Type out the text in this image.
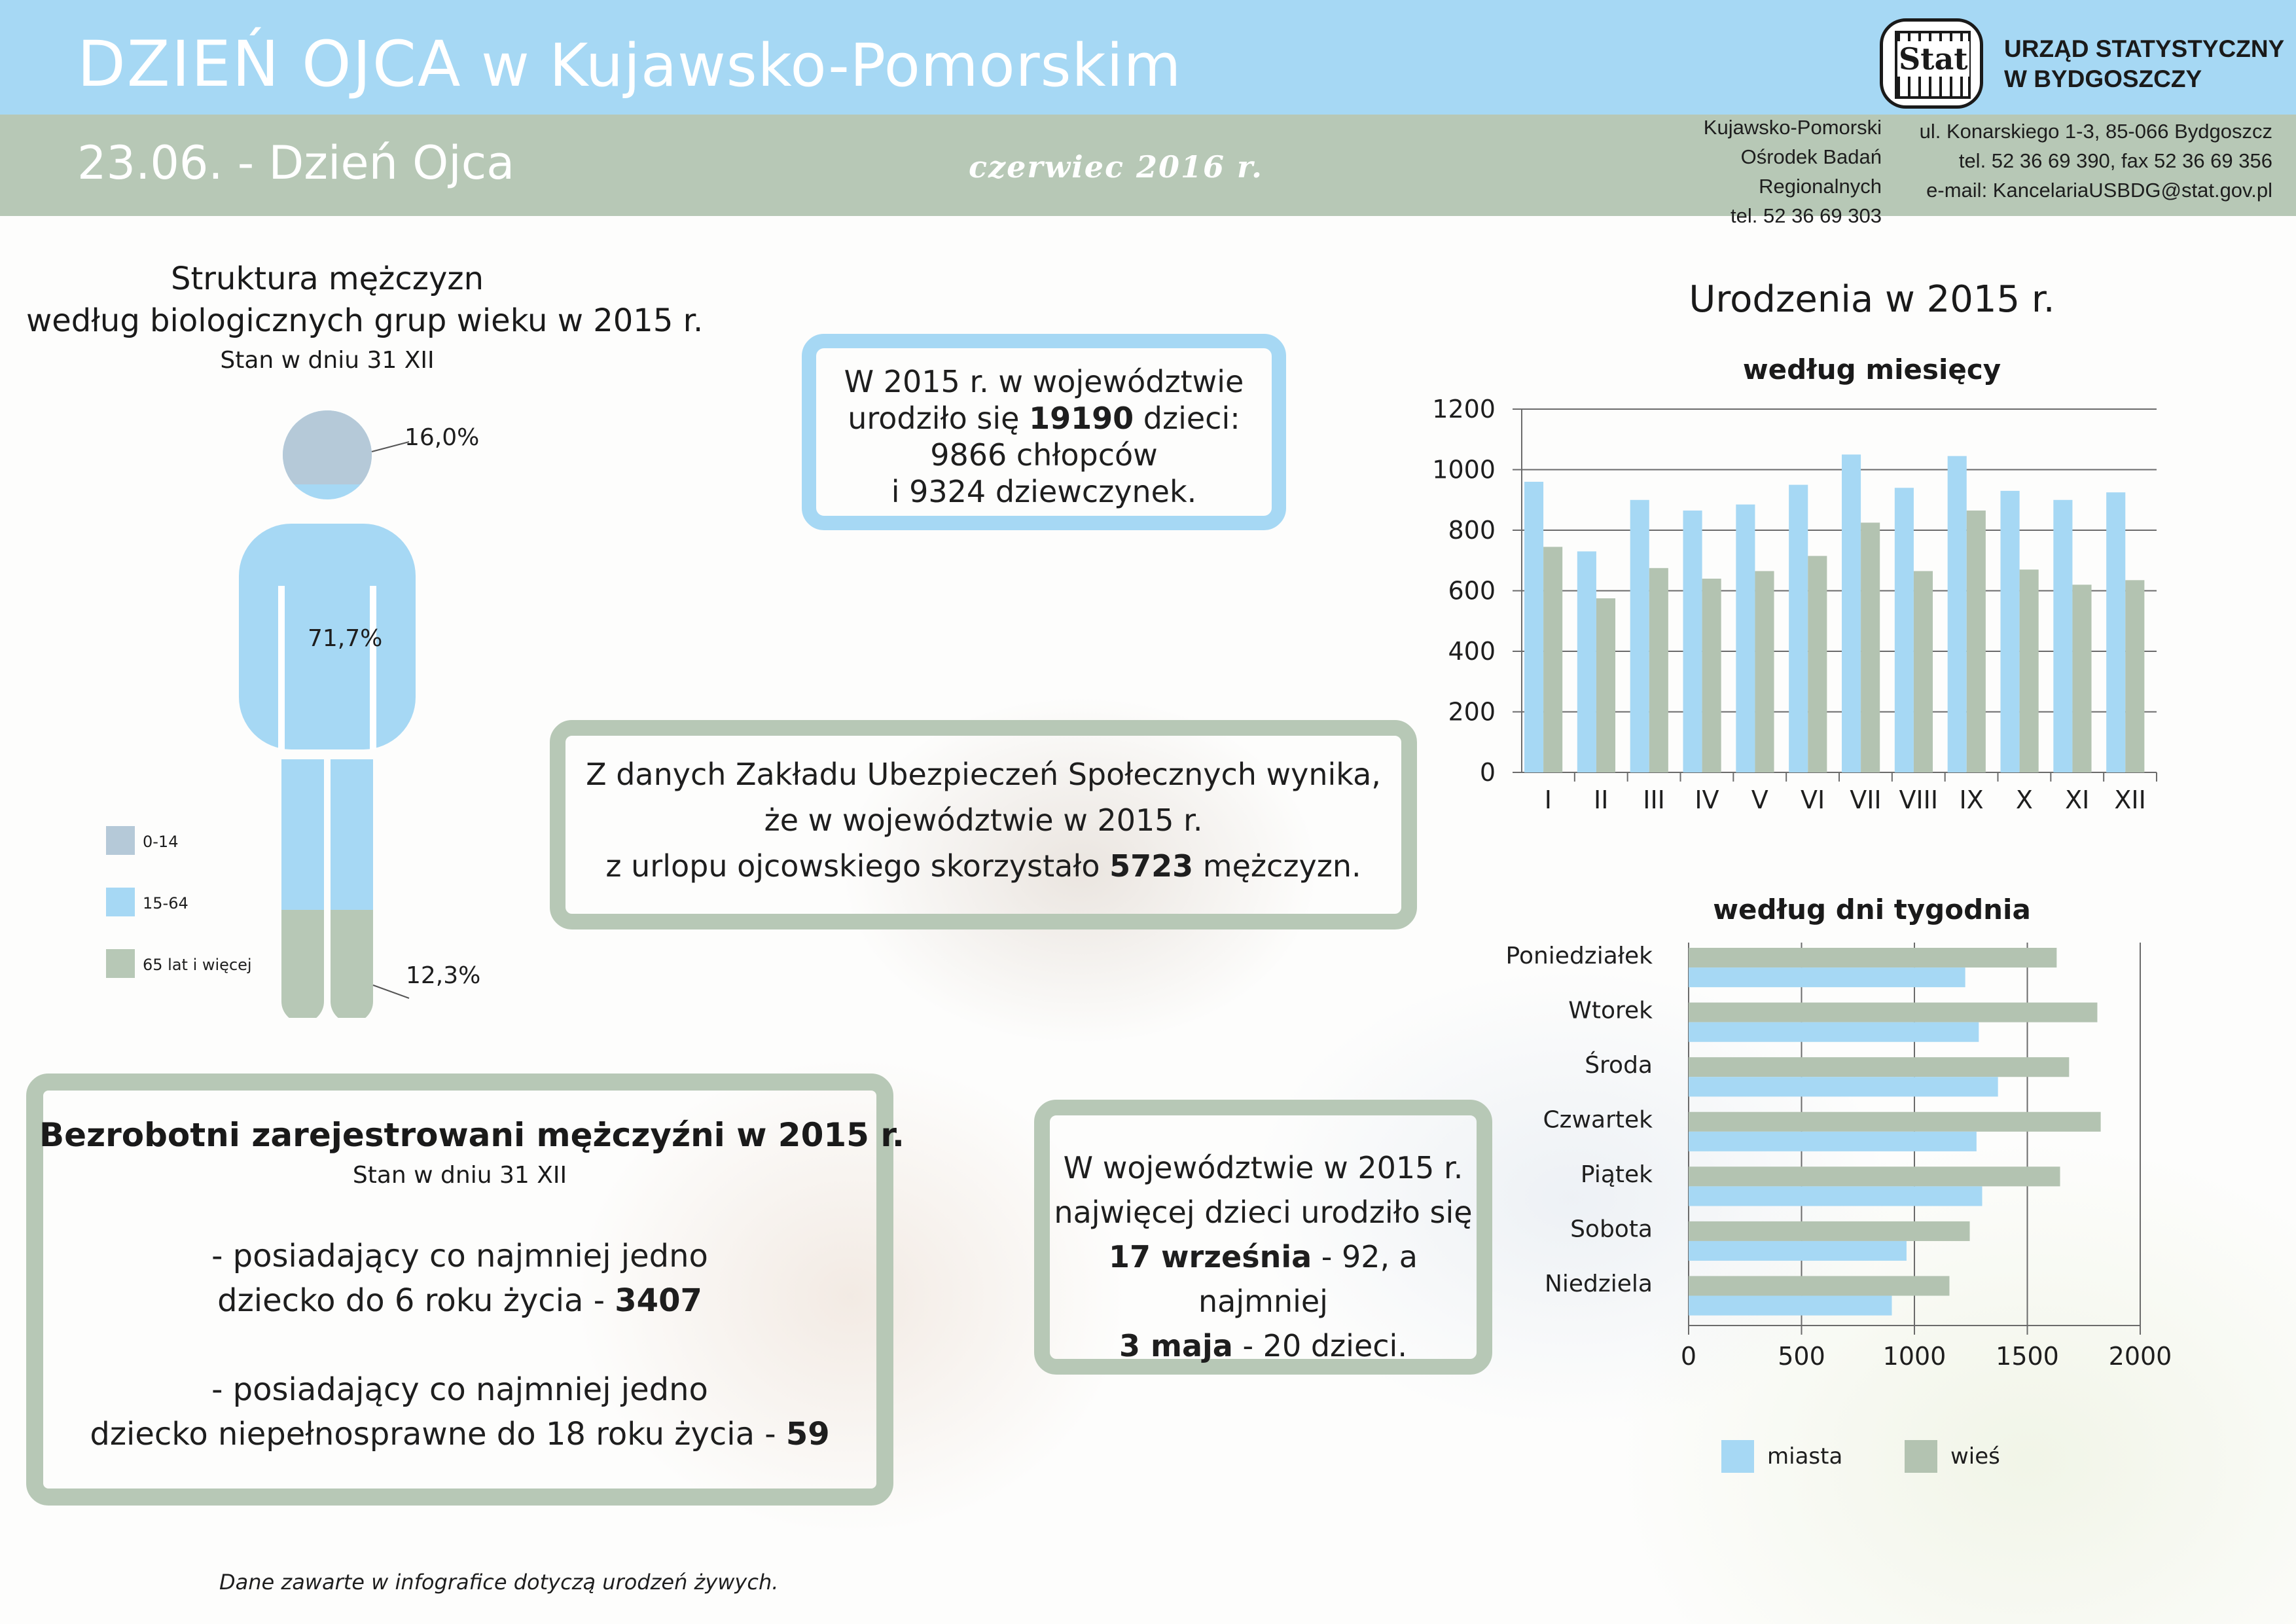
DZIEŃ OJCA w Kujawsko-Pomorskim
23.06. - Dzień Ojca	czerwiec 2016 r.
Stat URZĄD STATYSTYCZNY
W BYDGOSZCZY
Kujawsko-Pomorski
Ośrodek Badań
Regionalnych
tel. 52 36 69 303
ul. Konarskiego 1-3, 85-066 Bydgoszcz
tel. 52 36 69 390, fax 52 36 69 356
e-mail: KancelariaUSBDG@stat.gov.pl
Struktura mężczyzn
według biologicznych grup wieku w 2015 r.
Stan w dniu 31 XII
16,0%
71,7%
12,3%
0-14
15-64
65 lat i więcej
W 2015 r. w województwie
urodziło się 19190 dzieci:
9866 chłopców
i 9324 dziewczynek.
Z danych Zakładu Ubezpieczeń Społecznych wynika,
że w województwie w 2015 r.
z urlopu ojcowskiego skorzystało 5723 mężczyzn.
Bezrobotni zarejestrowani mężczyźni w 2015 r.
Stan w dniu 31 XII
- posiadający co najmniej jedno
dziecko do 6 roku życia - 3407
- posiadający co najmniej jedno
dziecko niepełnosprawne do 18 roku życia - 59
W województwie w 2015 r.
najwięcej dzieci urodziło się
17 września - 92, a najmniej
3 maja - 20 dzieci.
Urodzenia w 2015 r.
według miesięcy
0
200
400
600
800
1000
1200
I II III IV V VI VII VIII IX X XI XII
według dni tygodnia
0	500 1000 1500 2000
Poniedziałek
Wtorek
Środa
Czwartek
Piątek
Sobota
Niedziela
miasta	wieś
Dane zawarte w infografice dotyczą urodzeń żywych.
